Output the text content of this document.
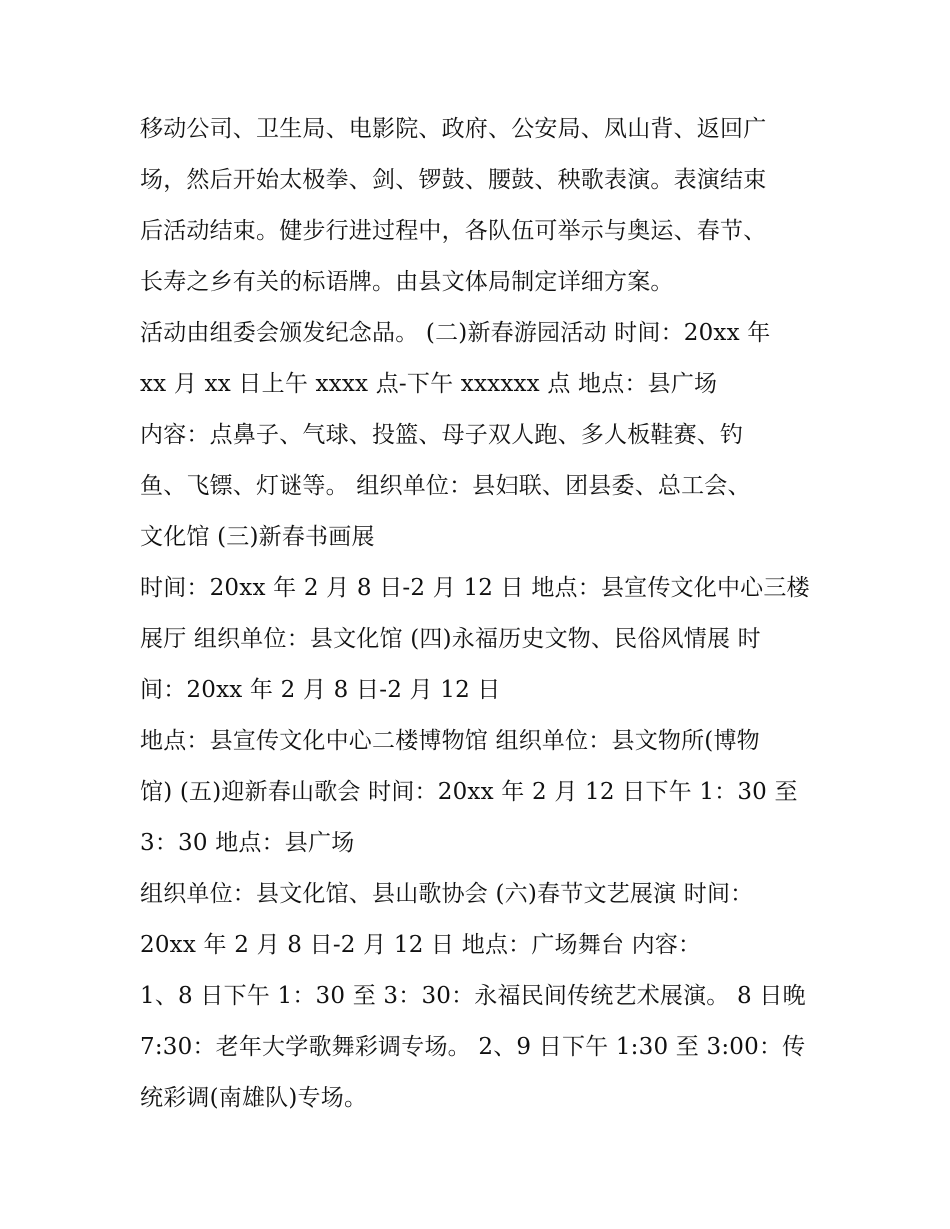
移动公司、卫生局、电影院、政府、公安局、凤山背、返回广
场，然后开始太极拳、剑、锣鼓、腰鼓、秧歌表演。表演结束
后活动结束。健步行进过程中，各队伍可举示与奥运、春节、
长寿之乡有关的标语牌。由县文体局制定详细方案。
活动由组委会颁发纪念品。 (二)新春游园活动 时间：20xx 年
xx 月 xx 日上午 xxxx 点-下午 xxxxxx 点 地点：县广场
内容：点鼻子、气球、投篮、母子双人跑、多人板鞋赛、钓
鱼、飞镖、灯谜等。 组织单位：县妇联、团县委、总工会、
文化馆 (三)新春书画展
时间：20xx 年 2 月 8 日-2 月 12 日 地点：县宣传文化中心三楼
展厅 组织单位：县文化馆 (四)永福历史文物、民俗风情展 时
间：20xx 年 2 月 8 日-2 月 12 日
地点：县宣传文化中心二楼博物馆 组织单位：县文物所(博物
馆) (五)迎新春山歌会 时间：20xx 年 2 月 12 日下午 1：30 至
3：30 地点：县广场
组织单位：县文化馆、县山歌协会 (六)春节文艺展演 时间：
20xx 年 2 月 8 日-2 月 12 日 地点：广场舞台 内容：
1、8 日下午 1：30 至 3：30：永福民间传统艺术展演。 8 日晚
7:30：老年大学歌舞彩调专场。 2、9 日下午 1:30 至 3:00：传
统彩调(南雄队)专场。
